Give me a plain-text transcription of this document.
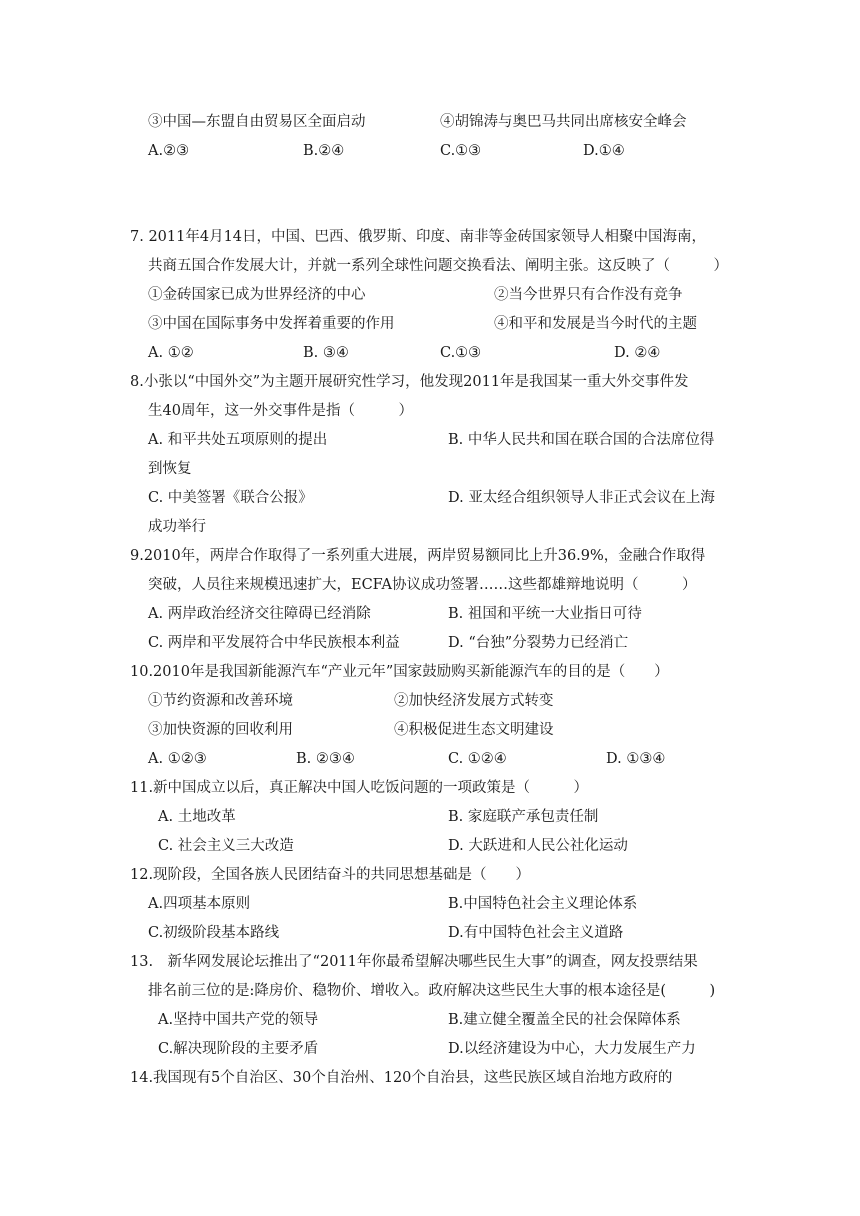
③中国—东盟自由贸易区全面启动	④胡锦涛与奥巴马共同出席核安全峰会
A.②③	B.②④	C.①③	D.①④
7. 2011年4月14日，中国、巴西、俄罗斯、印度、南非等金砖国家领导人相聚中国海南，
共商五国合作发展大计，并就一系列全球性问题交换看法、阐明主张。这反映了（　　　）
①金砖国家已成为世界经济的中心	②当今世界只有合作没有竞争
③中国在国际事务中发挥着重要的作用	④和平和发展是当今时代的主题
A. ①②	B. ③④	C.①③	D. ②④
8.小张以“中国外交”为主题开展研究性学习，他发现2011年是我国某一重大外交事件发
生40周年，这一外交事件是指（　　　）
A. 和平共处五项原则的提出	B. 中华人民共和国在联合国的合法席位得
到恢复
C. 中美签署《联合公报》	D. 亚太经合组织领导人非正式会议在上海
成功举行
9.2010年，两岸合作取得了一系列重大进展，两岸贸易额同比上升36.9%，金融合作取得
突破，人员往来规模迅速扩大，ECFA协议成功签署……这些都雄辩地说明（　　　）
A. 两岸政治经济交往障碍已经消除	B. 祖国和平统一大业指日可待
C. 两岸和平发展符合中华民族根本利益	D. “台独”分裂势力已经消亡
10.2010年是我国新能源汽车“产业元年”国家鼓励购买新能源汽车的目的是（　　）
①节约资源和改善环境	②加快经济发展方式转变
③加快资源的回收利用	④积极促进生态文明建设
A. ①②③	B. ②③④	C. ①②④	D. ①③④
11.新中国成立以后，真正解决中国人吃饭问题的一项政策是（　　　）
A. 土地改革	B. 家庭联产承包责任制
C. 社会主义三大改造	D. 大跃进和人民公社化运动
12.现阶段，全国各族人民团结奋斗的共同思想基础是（　　）
A.四项基本原则	B.中国特色社会主义理论体系
C.初级阶段基本路线	D.有中国特色社会主义道路
13.　新华网发展论坛推出了“2011年你最希望解决哪些民生大事”的调查，网友投票结果
排名前三位的是:降房价、稳物价、增收入。政府解决这些民生大事的根本途径是(　　　)
A.坚持中国共产党的领导	B.建立健全覆盖全民的社会保障体系
C.解决现阶段的主要矛盾	D.以经济建设为中心，大力发展生产力
14.我国现有5个自治区、30个自治州、120个自治县，这些民族区域自治地方政府的
